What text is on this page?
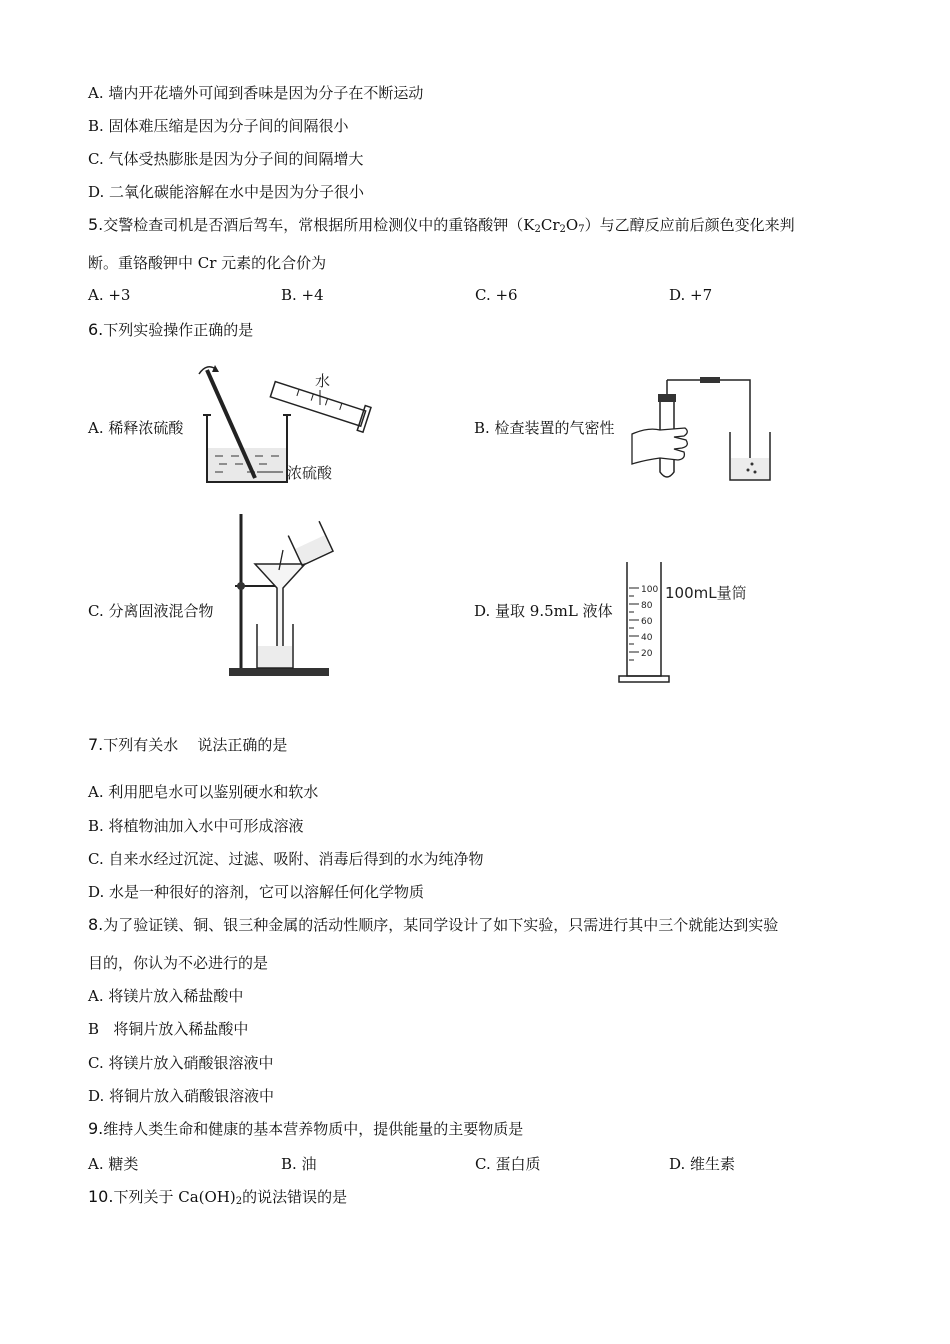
A. 墙内开花墙外可闻到香味是因为分子在不断运动
B. 固体难压缩是因为分子间的间隔很小
C. 气体受热膨胀是因为分子间的间隔增大
D. 二氧化碳能溶解在水中是因为分子很小
5.交警检查司机是否酒后驾车，常根据所用检测仪中的重铬酸钾$(K_2Cr_2O_7)$与乙醇反应前后颜色变化来判
断。重铬酸钾中 Cr 元素的化合价为
A. +3	B. +4	C. +6	D. +7
6.下列实验操作正确的是
A. 稀释浓硫酸
水
浓硫酸
B. 检查装置的气密性
C. 分离固液混合物	D. 量取 9.5mL 液体
100
80
60
40
20
100mL量筒
7.下列有关水    说法正确的是
A. 利用肥皂水可以鉴别硬水和软水
B. 将植物油加入水中可形成溶液
C. 自来水经过沉淀、过滤、吸附、消毒后得到的水为纯净物
D. 水是一种很好的溶剂，它可以溶解任何化学物质
8.为了验证镁、铜、银三种金属的活动性顺序，某同学设计了如下实验，只需进行其中三个就能达到实验
目的，你认为不必进行的是
A. 将镁片放入稀盐酸中
B   将铜片放入稀盐酸中
C. 将镁片放入硝酸银溶液中
D. 将铜片放入硝酸银溶液中
9.维持人类生命和健康的基本营养物质中，提供能量的主要物质是
A. 糖类	B. 油	C. 蛋白质	D. 维生素
10.下列关于 $Ca(OH)_2$的说法错误的是
